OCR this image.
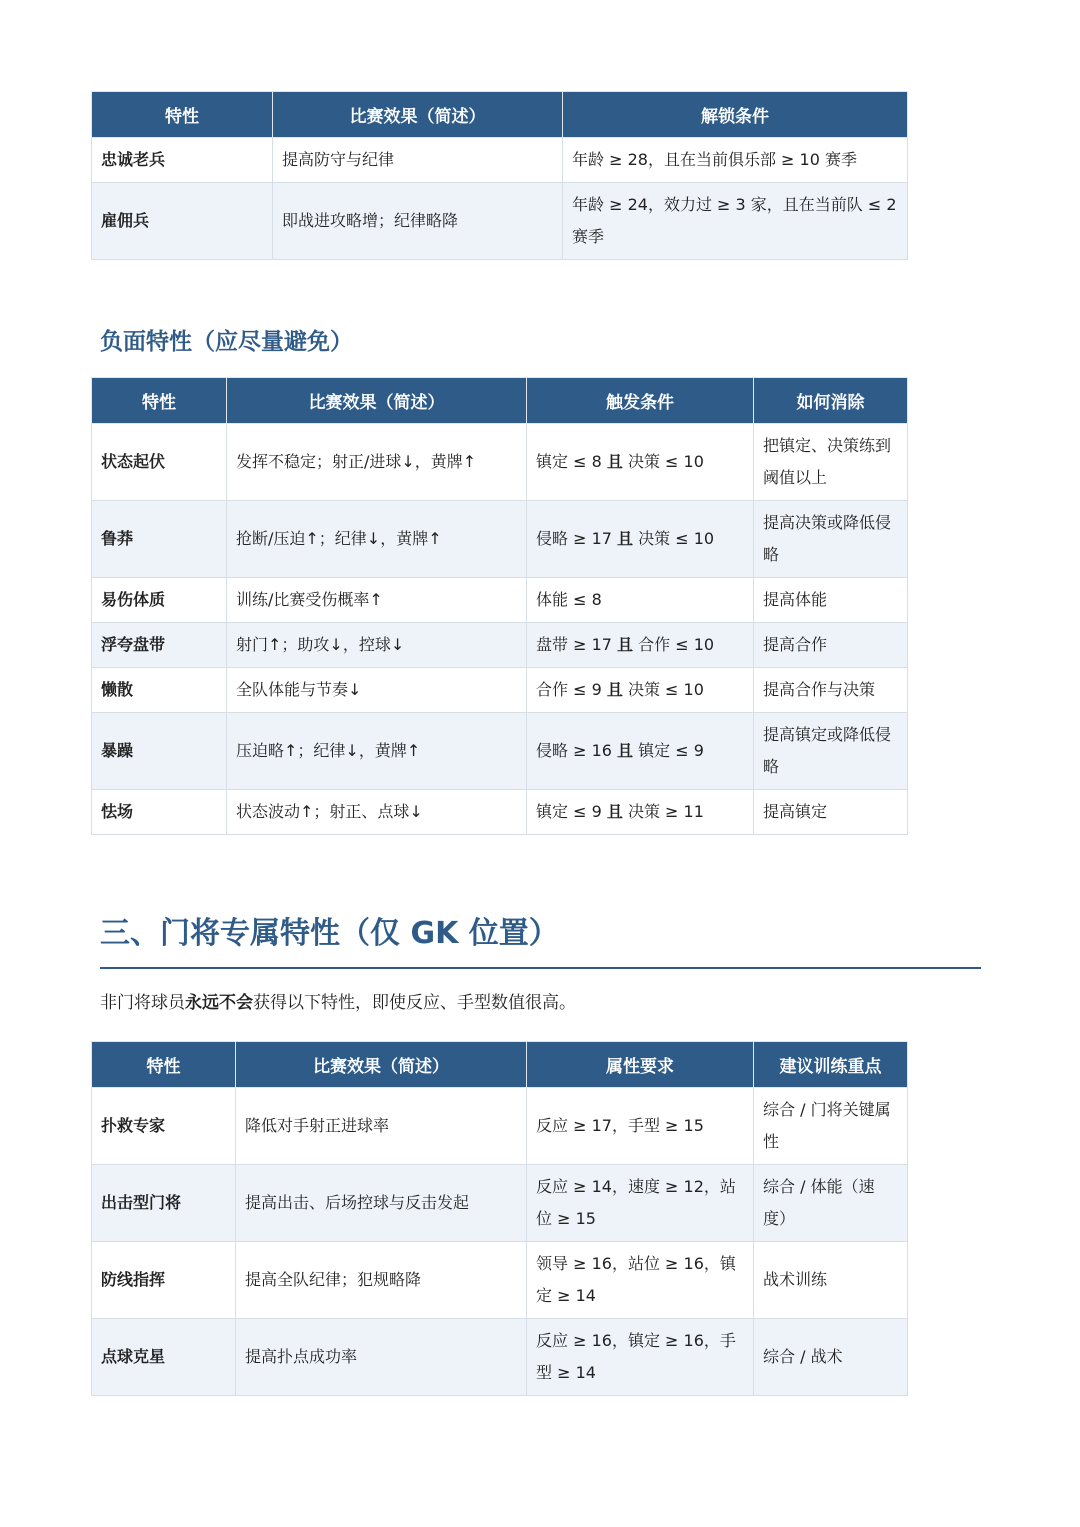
特性	比赛效果（简述）	解锁条件
忠诚老兵	提高防守与纪律	年龄 ≥ 28，且在当前俱乐部 ≥ 10 赛季
雇佣兵	即战进攻略增；纪律略降	年龄 ≥ 24，效力过 ≥ 3 家，且在当前队 ≤ 2 赛季
负面特性（应尽量避免）
特性	比赛效果（简述）	触发条件	如何消除
状态起伏	发挥不稳定；射正/进球↓，黄牌↑	镇定 ≤ 8 且 决策 ≤ 10	把镇定、决策练到阈值以上
鲁莽	抢断/压迫↑；纪律↓，黄牌↑	侵略 ≥ 17 且 决策 ≤ 10	提高决策或降低侵略
易伤体质	训练/比赛受伤概率↑	体能 ≤ 8	提高体能
浮夸盘带	射门↑；助攻↓，控球↓	盘带 ≥ 17 且 合作 ≤ 10	提高合作
懒散	全队体能与节奏↓	合作 ≤ 9 且 决策 ≤ 10	提高合作与决策
暴躁	压迫略↑；纪律↓，黄牌↑	侵略 ≥ 16 且 镇定 ≤ 9	提高镇定或降低侵略
怯场	状态波动↑；射正、点球↓	镇定 ≤ 9 且 决策 ≥ 11	提高镇定
三、门将专属特性（仅 GK 位置）

非门将球员永远不会获得以下特性，即使反应、手型数值很高。

特性	比赛效果（简述）	属性要求	建议训练重点
扑救专家	降低对手射正进球率	反应 ≥ 17，手型 ≥ 15	综合 / 门将关键属性
出击型门将	提高出击、后场控球与反击发起	反应 ≥ 14，速度 ≥ 12，站位 ≥ 15	综合 / 体能（速度）
防线指挥	提高全队纪律；犯规略降	领导 ≥ 16，站位 ≥ 16，镇定 ≥ 14	战术训练
点球克星	提高扑点成功率	反应 ≥ 16，镇定 ≥ 16，手型 ≥ 14	综合 / 战术
